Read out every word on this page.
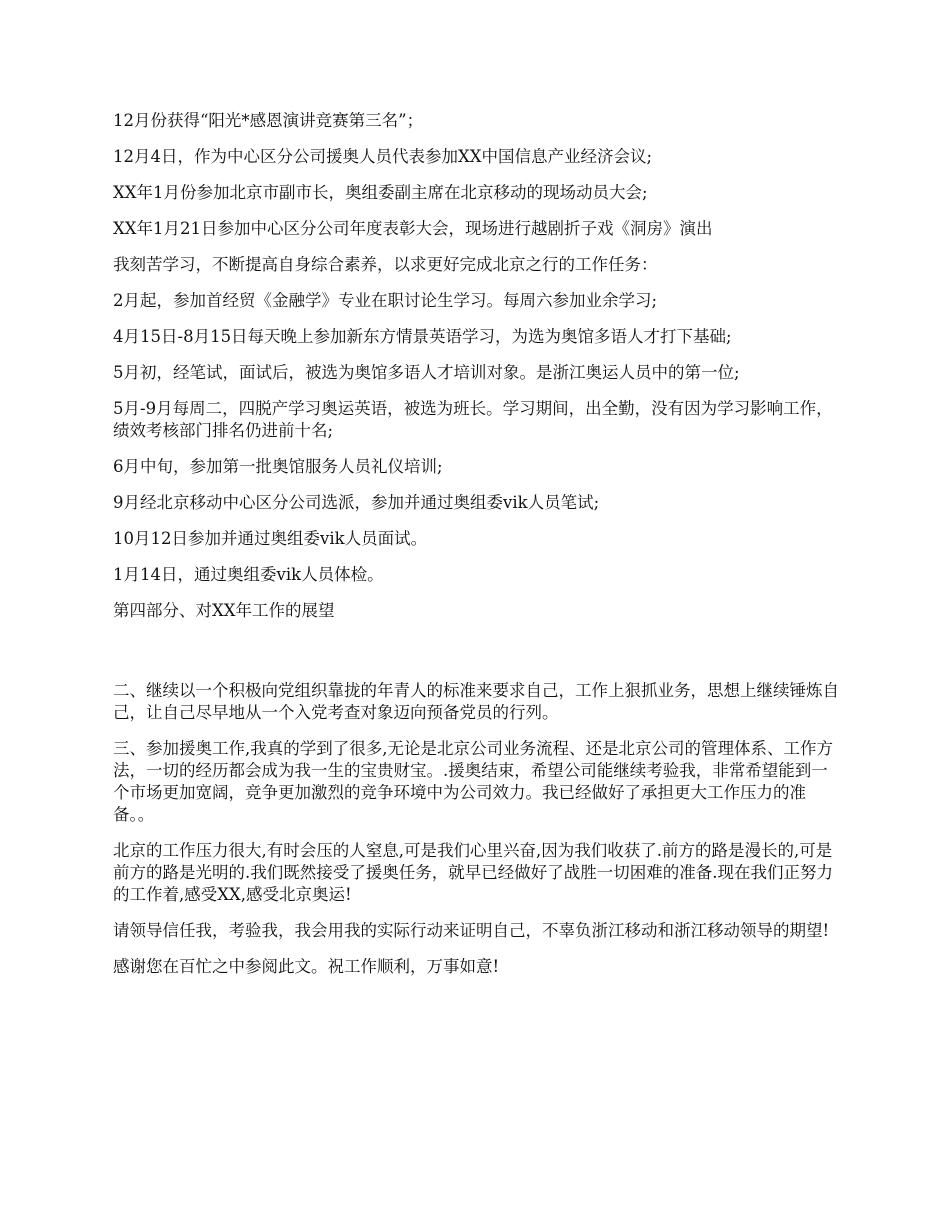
12月份获得“阳光*感恩演讲竞赛第三名”；

12月4日，作为中心区分公司援奥人员代表参加XX中国信息产业经济会议;

XX年1月份参加北京市副市长，奥组委副主席在北京移动的现场动员大会;

XX年1月21日参加中心区分公司年度表彰大会，现场进行越剧折子戏《洞房》演出

我刻苦学习，不断提高自身综合素养，以求更好完成北京之行的工作任务：

2月起，参加首经贸《金融学》专业在职讨论生学习。每周六参加业余学习;

4月15日-8月15日每天晚上参加新东方情景英语学习，为选为奥馆多语人才打下基础;

5月初，经笔试，面试后，被选为奥馆多语人才培训对象。是浙江奥运人员中的第一位;

5月-9月每周二，四脱产学习奥运英语，被选为班长。学习期间，出全勤，没有因为学习影响工作，绩效考核部门排名仍进前十名;

6月中旬，参加第一批奥馆服务人员礼仪培训;

9月经北京移动中心区分公司选派，参加并通过奥组委vik人员笔试;

10月12日参加并通过奥组委vik人员面试。

1月14日，通过奥组委vik人员体检。

第四部分、对XX年工作的展望

二、继续以一个积极向党组织靠拢的年青人的标准来要求自己，工作上狠抓业务，思想上继续锤炼自己，让自己尽早地从一个入党考查对象迈向预备党员的行列。

三、参加援奥工作,我真的学到了很多,无论是北京公司业务流程、还是北京公司的管理体系、工作方法，一切的经历都会成为我一生的宝贵财宝。.援奥结束，希望公司能继续考验我，非常希望能到一个市场更加宽阔，竞争更加激烈的竞争环境中为公司效力。我已经做好了承担更大工作压力的准备。。

北京的工作压力很大,有时会压的人窒息,可是我们心里兴奋,因为我们收获了.前方的路是漫长的,可是前方的路是光明的.我们既然接受了援奥任务，就早已经做好了战胜一切困难的准备.现在我们正努力的工作着,感受XX,感受北京奥运!

请领导信任我，考验我，我会用我的实际行动来证明自己，不辜负浙江移动和浙江移动领导的期望!

感谢您在百忙之中参阅此文。祝工作顺利，万事如意!
